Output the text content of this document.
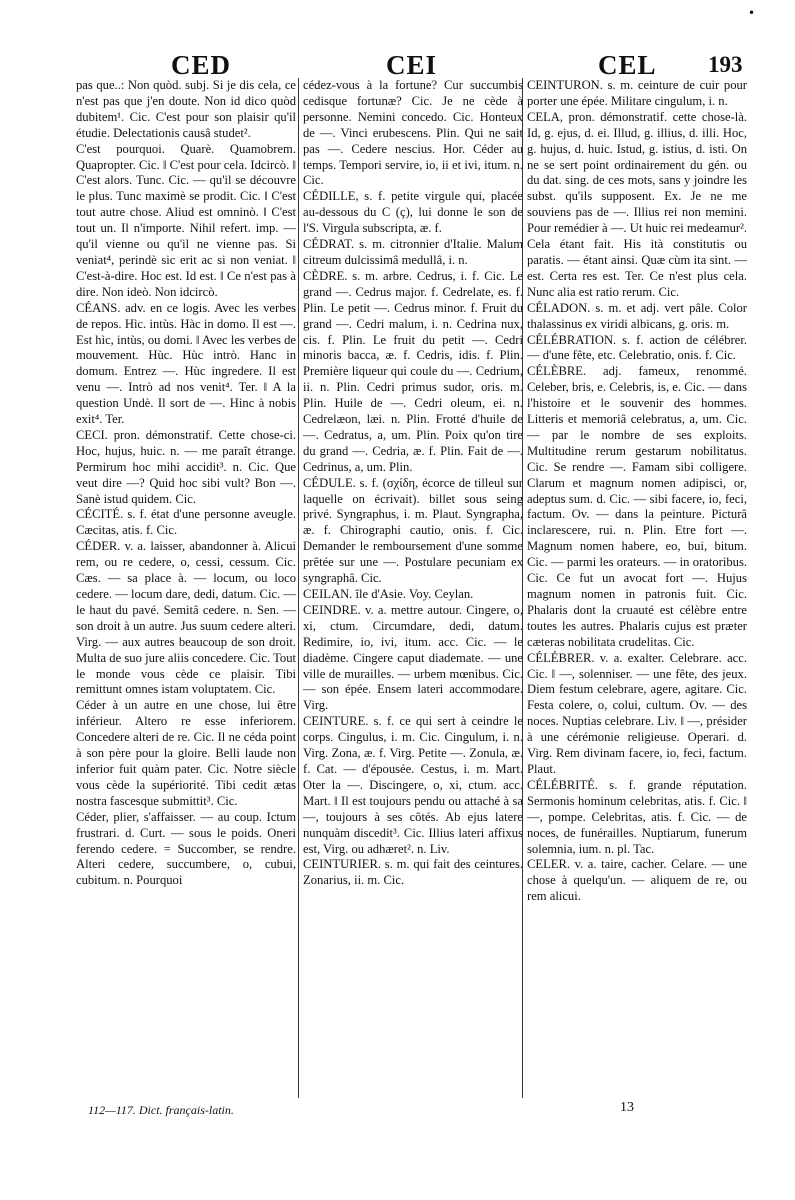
•
CED	CEI	CEL 193

pas que..: Non quòd. subj. Si je dis cela, ce n'est pas que j'en doute. Non id dico quòd dubitem¹. Cic. C'est pour son plaisir qu'il étudie. Delectationis causâ studet².
C'est pourquoi. Quarè. Quamobrem. Quapropter. Cic. ‖ C'est pour cela. Idcircò. ‖ C'est alors. Tunc. Cic. — qu'il se découvre le plus. Tunc maximè se prodit. Cic. ‖ C'est tout autre chose. Aliud est omninò. ‖ C'est tout un. Il n'importe. Nihil refert. imp. — qu'il vienne ou qu'il ne vienne pas. Si veniat⁴, perindè sic erit ac si non veniat. ‖ C'est-à-dire. Hoc est. Id est. ‖ Ce n'est pas à dire. Non ideò. Non idcircò.
CÉANS. adv. en ce logis. Avec les verbes de repos. Hìc. intùs. Hàc in domo. Il est —. Est hìc, intùs, ou domi. ‖ Avec les verbes de mouvement. Hùc. Hùc intrò. Hanc in domum. Entrez —. Hùc ingredere. Il est venu —. Intrò ad nos venit⁴. Ter. ‖ A la question Undè. Il sort de —. Hinc à nobis exit⁴. Ter.
CECI. pron. démonstratif. Cette chose-ci. Hoc, hujus, huic. n. — me paraît étrange. Permirum hoc mihi accidit³. n. Cic. Que veut dire —? Quid hoc sibi vult? Bon —. Sanè istud quidem. Cic.
CÉCITÉ. s. f. état d'une personne aveugle. Cæcitas, atis. f. Cic.
CÉDER. v. a. laisser, abandonner à. Alicui rem, ou re cedere, o, cessi, cessum. Cic. Cæs. — sa place à. — locum, ou loco cedere. — locum dare, dedi, datum. Cic. — le haut du pavé. Semitâ cedere. n. Sen. — son droit à un autre. Jus suum cedere alteri. Virg. — aux autres beaucoup de son droit. Multa de suo jure aliis concedere. Cic. Tout le monde vous cède ce plaisir. Tibi remittunt omnes istam voluptatem. Cic.
Céder à un autre en une chose, lui être inférieur. Altero re esse inferiorem. Concedere alteri de re. Cic. Il ne céda point à son père pour la gloire. Belli laude non inferior fuit quàm pater. Cic. Notre siècle vous cède la supériorité. Tibi cedit ætas nostra fascesque submittit³. Cic.
Céder, plier, s'affaisser. — au coup. Ictum frustrari. d. Curt. — sous le poids. Oneri ferendo cedere. = Succomber, se rendre. Alteri cedere, succumbere, o, cubui, cubitum. n. Pourquoi

cédez-vous à la fortune? Cur succumbis cedisque fortunæ? Cic. Je ne cède à personne. Nemini concedo. Cic. Honteux de —. Vinci erubescens. Plin. Qui ne sait pas —. Cedere nescius. Hor. Céder au temps. Tempori servire, io, ii et ivi, itum. n. Cic.
CÉDILLE, s. f. petite virgule qui, placée au-dessous du C (ç), lui donne le son de l'S. Virgula subscripta, æ. f.
CÉDRAT. s. m. citronnier d'Italie. Malum citreum dulcissimâ medullâ, i. n.
CÈDRE. s. m. arbre. Cedrus, i. f. Cic. Le grand —. Cedrus major. f. Cedrelate, es. f. Plin. Le petit —. Cedrus minor. f. Fruit du grand —. Cedri malum, i. n. Cedrina nux, cis. f. Plin. Le fruit du petit —. Cedri minoris bacca, æ. f. Cedris, idis. f. Plin. Première liqueur qui coule du —. Cedrium, ii. n. Plin. Cedri primus sudor, oris. m. Plin. Huile de —. Cedri oleum, ei. n. Cedrelæon, læi. n. Plin. Frotté d'huile de —. Cedratus, a, um. Plin. Poix qu'on tire du grand —. Cedria, æ. f. Plin. Fait de —. Cedrinus, a, um. Plin.
CÉDULE. s. f. (σχίδη, écorce de tilleul sur laquelle on écrivait). billet sous seing privé. Syngraphus, i. m. Plaut. Syngrapha, æ. f. Chirographi cautio, onis. f. Cic. Demander le remboursement d'une somme prêtée sur une —. Postulare pecuniam ex syngraphâ. Cic.
CEILAN. île d'Asie. Voy. Ceylan.
CEINDRE. v. a. mettre autour. Cingere, o, xi, ctum. Circumdare, dedi, datum. Redimire, io, ivi, itum. acc. Cic. — le diadème. Cingere caput diademate. — une ville de murailles. — urbem mœnibus. Cic. — son épée. Ensem lateri accommodare. Virg.
CEINTURE. s. f. ce qui sert à ceindre le corps. Cingulus, i. m. Cic. Cingulum, i. n. Virg. Zona, æ. f. Virg. Petite —. Zonula, æ. f. Cat. — d'épousée. Cestus, i. m. Mart. Oter la —. Discingere, o, xi, ctum. acc. Mart. ‖ Il est toujours pendu ou attaché à sa —, toujours à ses côtés. Ab ejus latere nunquàm discedit³. Cic. Illius lateri affixus est, Virg. ou adhæret². n. Liv.
CEINTURIER. s. m. qui fait des ceintures. Zonarius, ii. m. Cic.

CEINTURON. s. m. ceinture de cuir pour porter une épée. Militare cingulum, i. n.
CELA, pron. démonstratif. cette chose-là. Id, g. ejus, d. ei. Illud, g. illius, d. illi. Hoc, g. hujus, d. huic. Istud, g. istius, d. isti. On ne se sert point ordinairement du gén. ou du dat. sing. de ces mots, sans y joindre les subst. qu'ils supposent. Ex. Je ne me souviens pas de —. Illius rei non memini. Pour remédier à —. Ut huic rei medeamur². Cela étant fait. His ità constitutis ou paratis. — étant ainsi. Quæ cùm ita sint. — est. Certa res est. Ter. Ce n'est plus cela. Nunc alia est ratio rerum. Cic.
CÉLADON. s. m. et adj. vert pâle. Color thalassinus ex viridi albicans, g. oris. m.
CÉLÉBRATION. s. f. action de célébrer. — d'une fête, etc. Celebratio, onis. f. Cic.
CÉLÈBRE. adj. fameux, renommé. Celeber, bris, e. Celebris, is, e. Cic. — dans l'histoire et le souvenir des hommes. Litteris et memoriâ celebratus, a, um. Cic. — par le nombre de ses exploits. Multitudine rerum gestarum nobilitatus. Cic. Se rendre —. Famam sibi colligere. Clarum et magnum nomen adipisci, or, adeptus sum. d. Cic. — sibi facere, io, feci, factum. Ov. — dans la peinture. Picturâ inclarescere, rui. n. Plin. Etre fort —. Magnum nomen habere, eo, bui, bitum. Cic. — parmi les orateurs. — in oratoribus. Cic. Ce fut un avocat fort —. Hujus magnum nomen in patronis fuit. Cic. Phalaris dont la cruauté est célèbre entre toutes les autres. Phalaris cujus est præter cæteras nobilitata crudelitas. Cic.
CÉLÉBRER. v. a. exalter. Celebrare. acc. Cic. ‖ —, solenniser. — une fête, des jeux. Diem festum celebrare, agere, agitare. Cic. Festa colere, o, colui, cultum. Ov. — des noces. Nuptias celebrare. Liv. ‖ —, présider à une cérémonie religieuse. Operari. d. Virg. Rem divinam facere, io, feci, factum. Plaut.
CÉLÉBRITÉ. s. f. grande réputation. Sermonis hominum celebritas, atis. f. Cic. ‖ —, pompe. Celebritas, atis. f. Cic. — de noces, de funérailles. Nuptiarum, funerum solemnia, ium. n. pl. Tac.
CELER. v. a. taire, cacher. Celare. — une chose à quelqu'un. — aliquem de re, ou rem alicui.

112—117. Dict. français-latin.	13
